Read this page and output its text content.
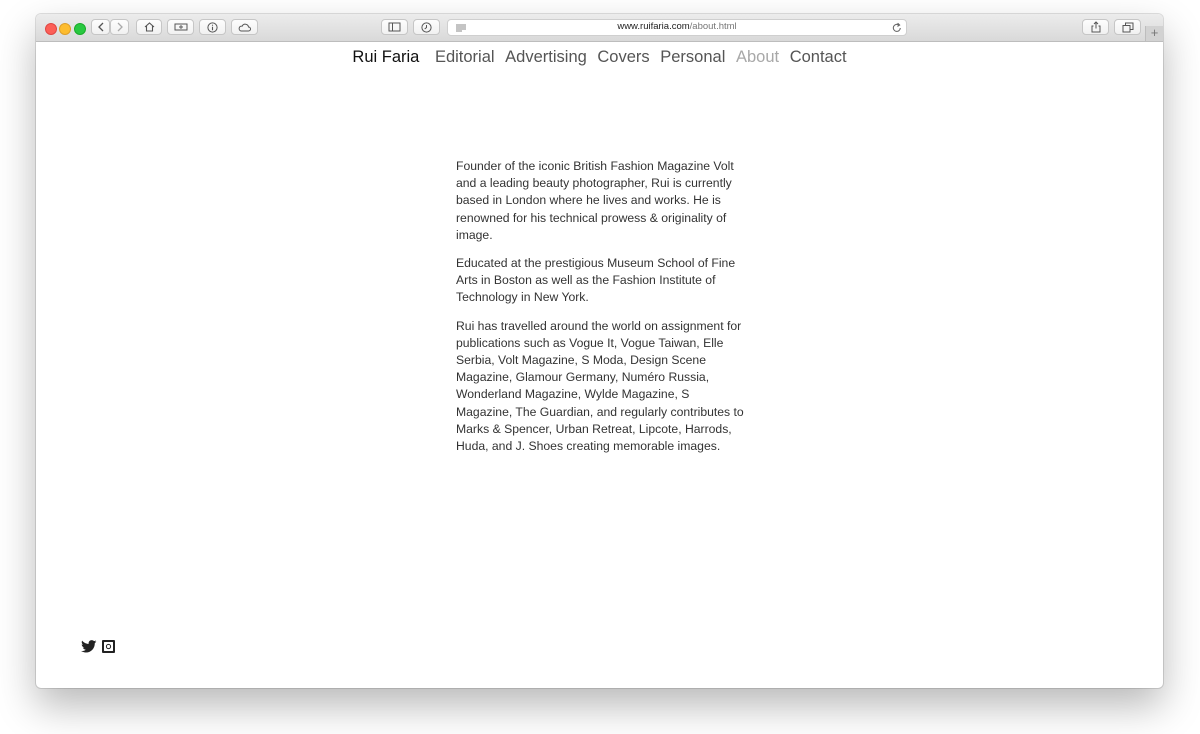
www.ruifaria.com/about.html	+
Rui Faria Editorial Advertising Covers Personal About Contact

Founder of the iconic British Fashion Magazine Volt and a leading beauty photographer, Rui is currently based in London where he lives and works. He is renowned for his technical prowess & originality of image.

Educated at the prestigious Museum School of Fine Arts in Boston as well as the Fashion Institute of Technology in New York.

Rui has travelled around the world on assignment for publications such as Vogue It, Vogue Taiwan, Elle Serbia, Volt Magazine, S Moda, Design Scene Magazine, Glamour Germany, Numéro Russia, Wonderland Magazine, Wylde Magazine, S Magazine, The Guardian, and regularly contributes to Marks & Spencer, Urban Retreat, Lipcote, Harrods, Huda, and J. Shoes creating memorable images.
